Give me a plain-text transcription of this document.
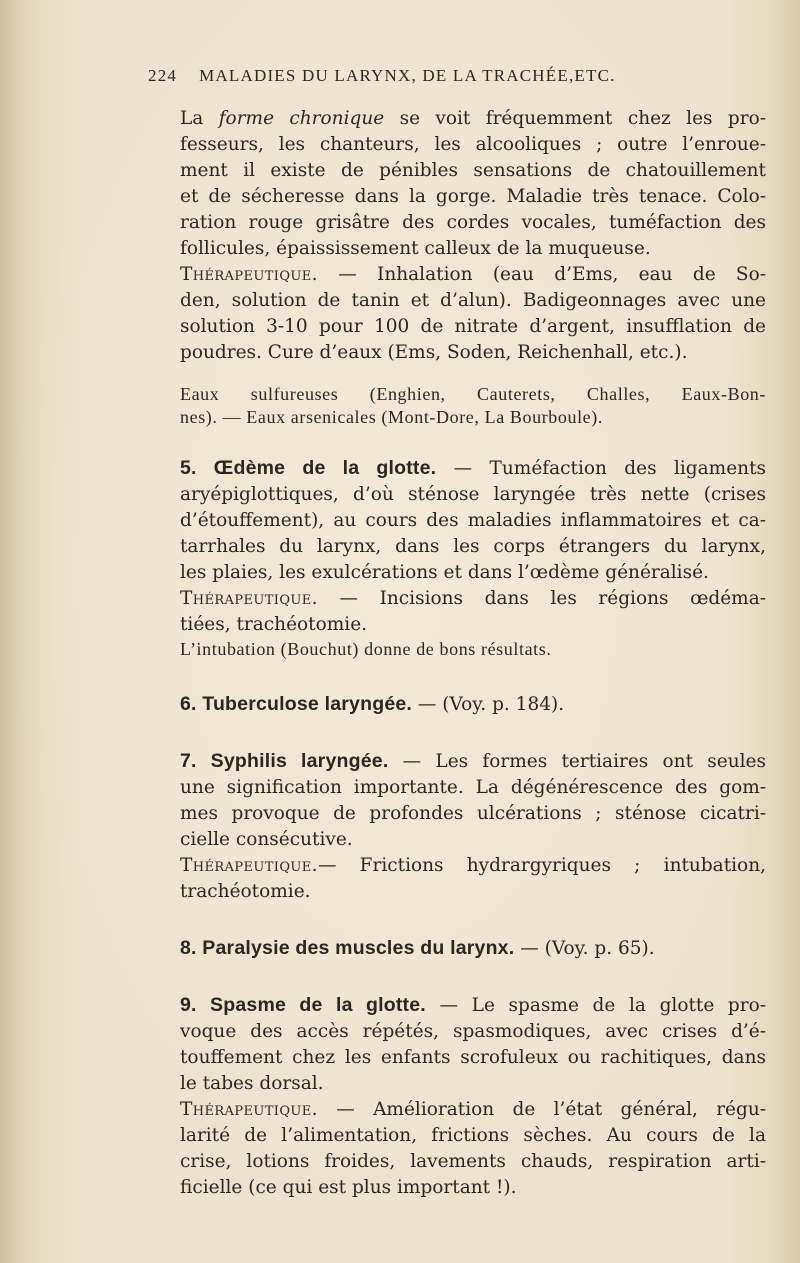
224 MALADIES DU LARYNX, DE LA TRACHÉE,ETC.
La forme chronique se voit fréquemment chez les pro-
fesseurs, les chanteurs, les alcooliques ; outre l’enroue-
ment il existe de pénibles sensations de chatouillement
et de sécheresse dans la gorge. Maladie très tenace. Colo-
ration rouge grisâtre des cordes vocales, tuméfaction des
follicules, épaississement calleux de la muqueuse.
Thérapeutique. — Inhalation (eau d’Ems, eau de So-
den, solution de tanin et d’alun). Badigeonnages avec une
solution 3-10 pour 100 de nitrate d’argent, insufflation de
poudres. Cure d’eaux (Ems, Soden, Reichenhall, etc.).
Eaux sulfureuses (Enghien, Cauterets, Challes, Eaux-Bon-
nes). — Eaux arsenicales (Mont-Dore, La Bourboule).
5. Œdème de la glotte. — Tuméfaction des ligaments
aryépiglottiques, d’où sténose laryngée très nette (crises
d’étouffement), au cours des maladies inflammatoires et ca-
tarrhales du larynx, dans les corps étrangers du larynx,
les plaies, les exulcérations et dans l’œdème généralisé.
Thérapeutique. — Incisions dans les régions œdéma-
tiées, trachéotomie.
L’intubation (Bouchut) donne de bons résultats.
6. Tuberculose laryngée. — (Voy. p. 184).
7. Syphilis laryngée. — Les formes tertiaires ont seules
une signification importante. La dégénérescence des gom-
mes provoque de profondes ulcérations ; sténose cicatri-
cielle consécutive.
Thérapeutique.— Frictions hydrargyriques ; intubation,
trachéotomie.
8. Paralysie des muscles du larynx. — (Voy. p. 65).
9. Spasme de la glotte. — Le spasme de la glotte pro-
voque des accès répétés, spasmodiques, avec crises d’é-
touffement chez les enfants scrofuleux ou rachitiques, dans
le tabes dorsal.
Thérapeutique. — Amélioration de l’état général, régu-
larité de l’alimentation, frictions sèches. Au cours de la
crise, lotions froides, lavements chauds, respiration arti-
ficielle (ce qui est plus important !).
